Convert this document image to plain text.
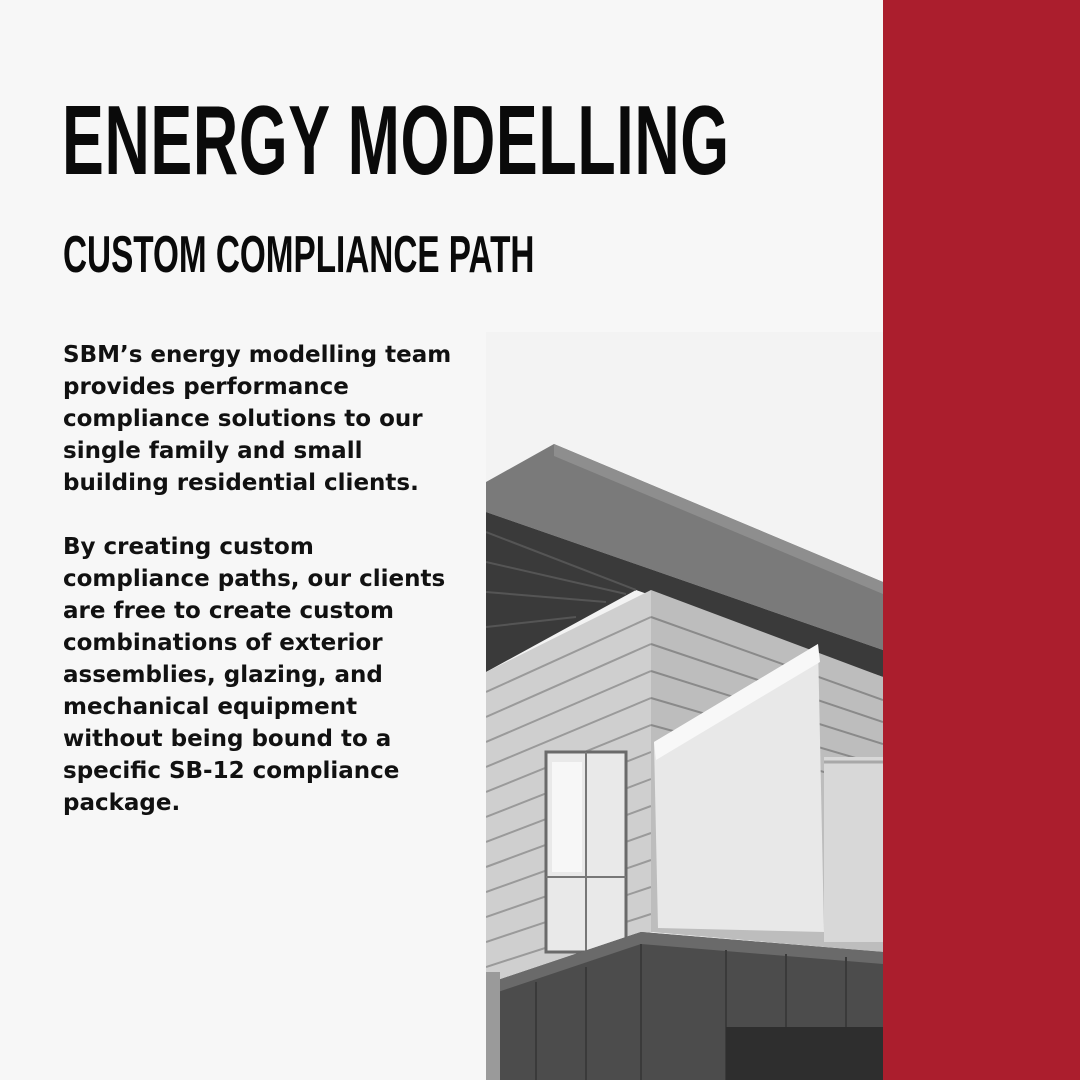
ENERGY MODELLING
CUSTOM COMPLIANCE PATH

SBM’s energy modelling team provides performance compliance solutions to our single family and small building residential clients.

By creating custom compliance paths, our clients are free to create custom combinations of exterior assemblies, glazing, and mechanical equipment without being bound to a specific SB-12 compliance package.
